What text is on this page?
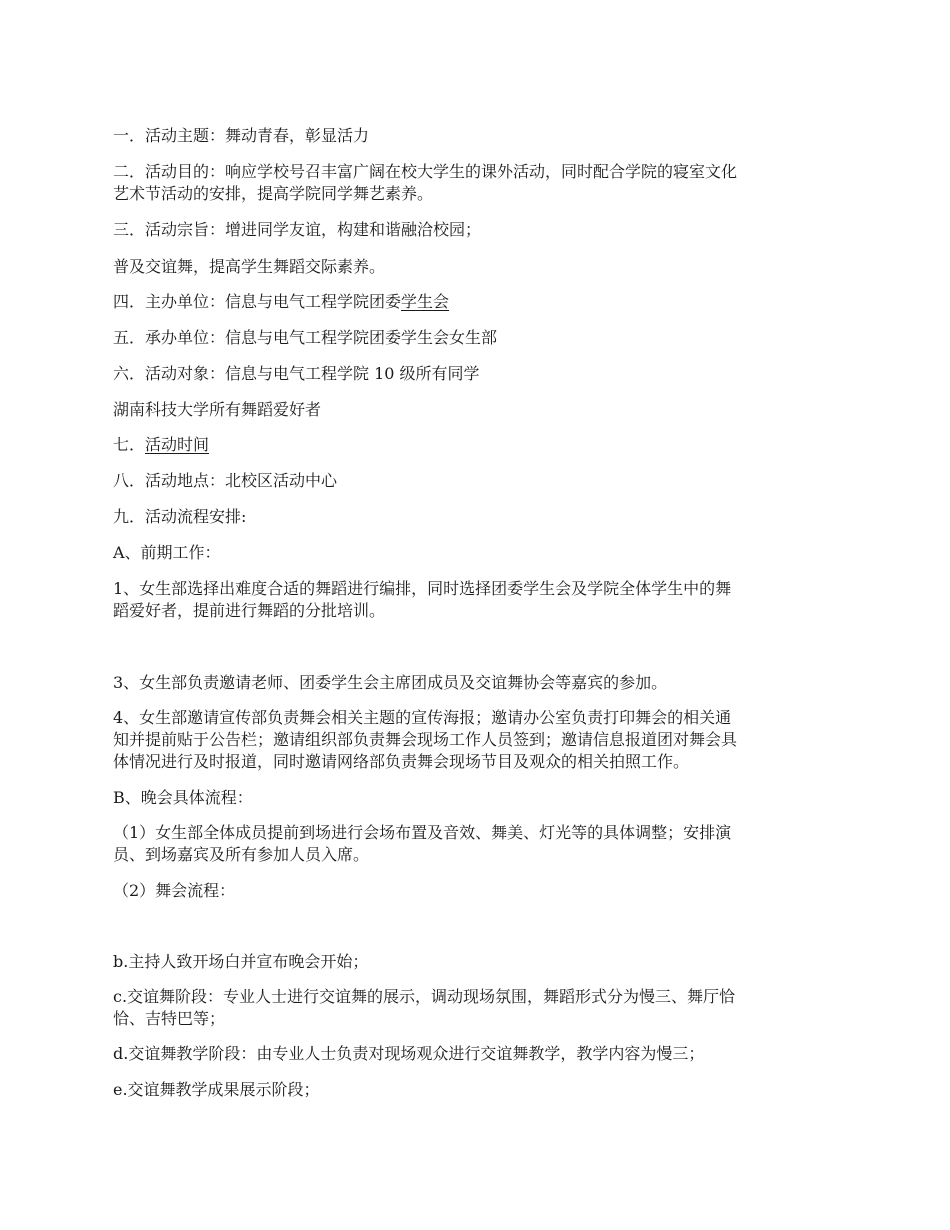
一．活动主题：舞动青春，彰显活力

二．活动目的：响应学校号召丰富广阔在校大学生的课外活动，同时配合学院的寝室文化
艺术节活动的安排，提高学院同学舞艺素养。

三．活动宗旨：增进同学友谊，构建和谐融洽校园；

普及交谊舞，提高学生舞蹈交际素养。

四．主办单位：信息与电气工程学院团委学生会

五．承办单位：信息与电气工程学院团委学生会女生部

六．活动对象：信息与电气工程学院 10 级所有同学

湖南科技大学所有舞蹈爱好者

七．活动时间

八．活动地点：北校区活动中心

九．活动流程安排:

A、前期工作：

1、女生部选择出难度合适的舞蹈进行编排，同时选择团委学生会及学院全体学生中的舞
蹈爱好者，提前进行舞蹈的分批培训。

3、女生部负责邀请老师、团委学生会主席团成员及交谊舞协会等嘉宾的参加。

4、女生部邀请宣传部负责舞会相关主题的宣传海报；邀请办公室负责打印舞会的相关通
知并提前贴于公告栏；邀请组织部负责舞会现场工作人员签到；邀请信息报道团对舞会具
体情况进行及时报道，同时邀请网络部负责舞会现场节目及观众的相关拍照工作。

B、晚会具体流程：

（1）女生部全体成员提前到场进行会场布置及音效、舞美、灯光等的具体调整；安排演
员、到场嘉宾及所有参加人员入席。

（2）舞会流程：

b.主持人致开场白并宣布晚会开始；

c.交谊舞阶段：专业人士进行交谊舞的展示，调动现场氛围，舞蹈形式分为慢三、舞厅恰
恰、吉特巴等；

d.交谊舞教学阶段：由专业人士负责对现场观众进行交谊舞教学，教学内容为慢三；

e.交谊舞教学成果展示阶段；
